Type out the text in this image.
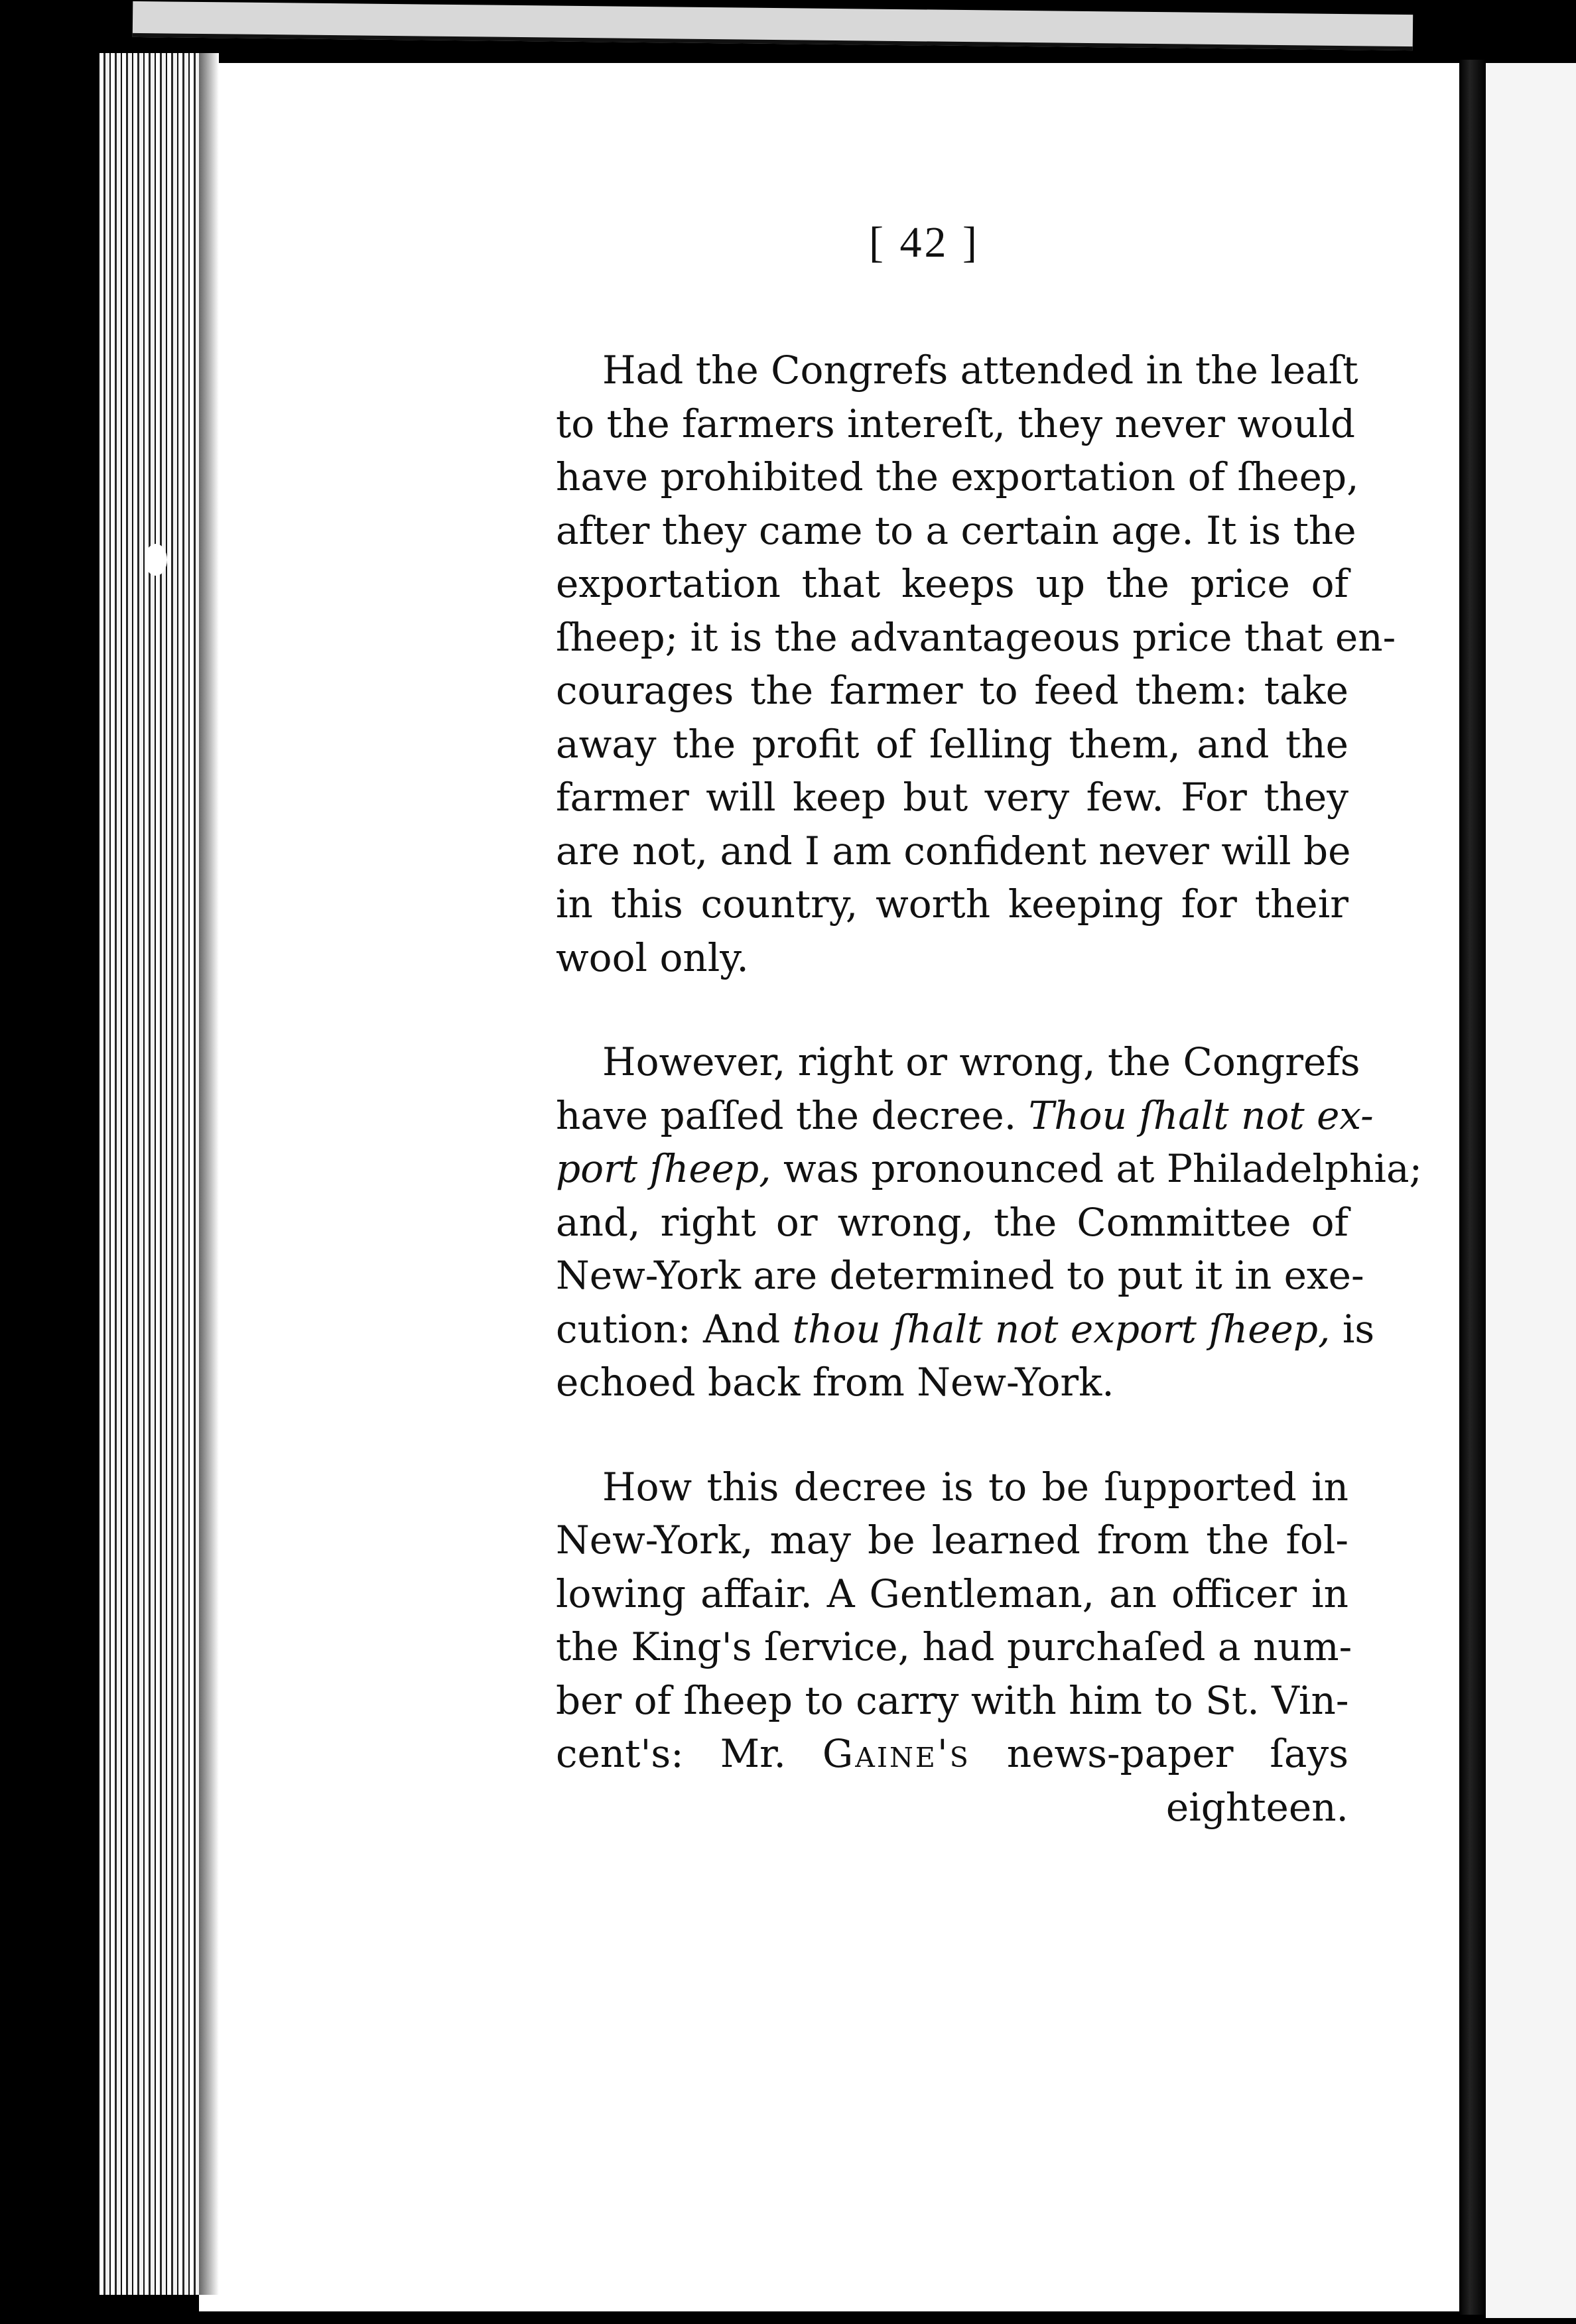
[ 42 ]
Had the Congrefs attended in the leaſt
to the farmers intereſt, they never would
have prohibited the exportation of ſheep,
after they came to a certain age. It is the
exportation that keeps up the price of
ſheep; it is the advantageous price that en-
courages the farmer to feed them: take
away the profit of ſelling them, and the
farmer will keep but very few. For they
are not, and I am confident never will be
in this country, worth keeping for their
wool only.
However, right or wrong, the Congrefs
have paſſed the decree. Thou ſhalt not ex-
port ſheep, was pronounced at Philadelphia;
and, right or wrong, the Committee of
New-York are determined to put it in exe-
cution: And thou ſhalt not export ſheep, is
echoed back from New-York.
How this decree is to be ſupported in
New-York, may be learned from the fol-
lowing affair. A Gentleman, an officer in
the King's ſervice, had purchaſed a num-
ber of ſheep to carry with him to St. Vin-
cent's: Mr. Gaine's news-paper ſays
eighteen.
